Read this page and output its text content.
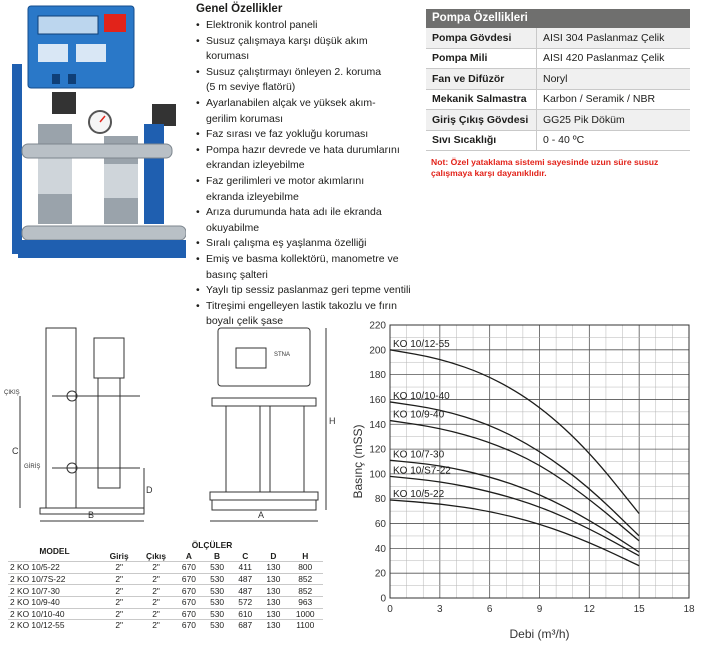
Genel Özellikler
• Elektronik kontrol paneli
• Susuz çalışmaya karşı düşük akım
koruması
• Susuz çalıştırmayı önleyen 2. koruma
(5 m seviye flatörü)
• Ayarlanabilen alçak ve yüksek akım-
gerilim koruması
• Faz sırası ve faz yokluğu koruması
• Pompa hazır devrede ve hata durumlarını
ekrandan izleyebilme
• Faz gerilimleri ve motor akımlarını
ekranda izleyebilme
• Arıza durumunda hata adı ile ekranda okuyabilme
• Sıralı çalışma eş yaşlanma özelliği
• Emiş ve basma kollektörü, manometre ve basınç şalteri
• Yaylı tip sessiz paslanmaz geri tepme ventili
• Titreşimi engelleyen lastik takozlu ve fırın boyalı çelik şase
Pompa Özellikleri
Pompa Gövdesi	AISI 304 Paslanmaz Çelik
Pompa Mili	AISI 420 Paslanmaz Çelik
Fan ve Difüzör	Noryl
Mekanik Salmastra	Karbon / Seramik / NBR
Giriş Çıkış Gövdesi	GG25 Pik Döküm
Sıvı Sıcaklığı	0 - 40 ºC
Not: Özel yataklama sistemi sayesinde uzun süre susuz çalışmaya karşı dayanıklıdır.
ÇIKIŞ
GİRİŞ
C
D
B	A
H
STNA
MODEL	ÖLÇÜLER						
	Giriş	Çıkış	A	B	C	D	H
2 KO 10/5-22	2"	2"	670	530	411	130	800
2 KO 10/7S-22	2"	2"	670	530	487	130	852
2 KO 10/7-30	2"	2"	670	530	487	130	852
2 KO 10/9-40	2"	2"	670	530	572	130	963
2 KO 10/10-40	2"	2"	670	530	610	130	1000
2 KO 10/12-55	2"	2"	670	530	687	130	1100
0	3	6	9	12	15	18
0
20
40
60
80
100
120
140
160
180
200
220
Debi (m³/h)
Basınç (mSS)
KO 10/12-55
KO 10/10-40
KO 10/9-40
KO 10/7-30
KO 10/S7-22
KO 10/5-22
